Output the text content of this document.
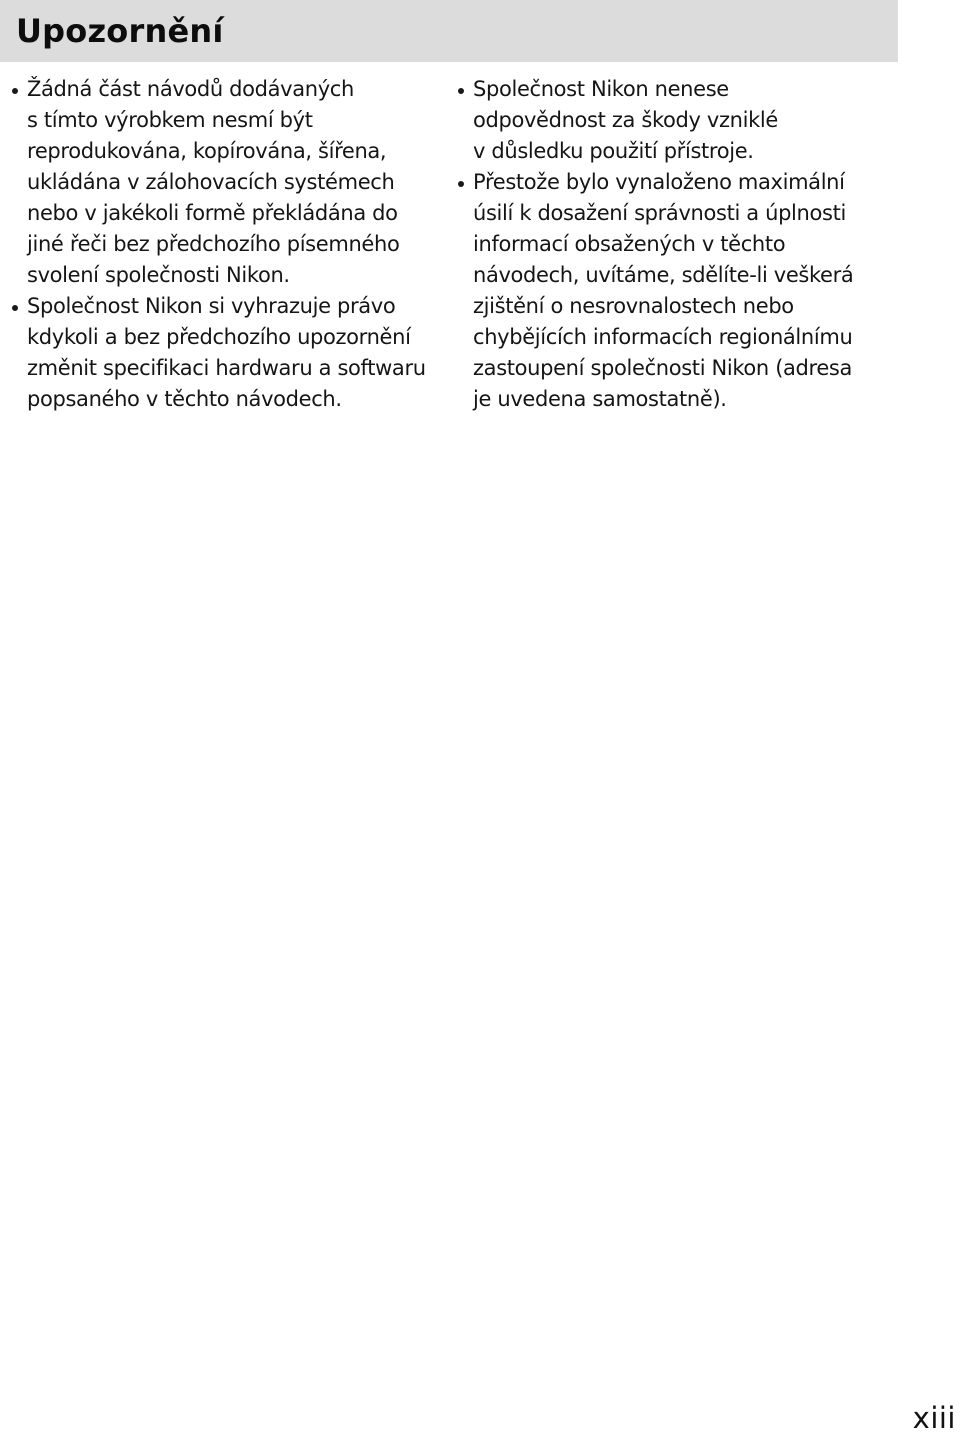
Upozornění
Žádná část návodů dodávaných
s tímto výrobkem nesmí být
reprodukována, kopírována, šířena,
ukládána v zálohovacích systémech
nebo v jakékoli formě překládána do
jiné řeči bez předchozího písemného
svolení společnosti Nikon.
Společnost Nikon si vyhrazuje právo
kdykoli a bez předchozího upozornění
změnit specifikaci hardwaru a softwaru
popsaného v těchto návodech.
Společnost Nikon nenese
odpovědnost za škody vzniklé
v důsledku použití přístroje.
Přestože bylo vynaloženo maximální
úsilí k dosažení správnosti a úplnosti
informací obsažených v těchto
návodech, uvítáme, sdělíte-li veškerá
zjištění o nesrovnalostech nebo
chybějících informacích regionálnímu
zastoupení společnosti Nikon (adresa
je uvedena samostatně).
xiii
